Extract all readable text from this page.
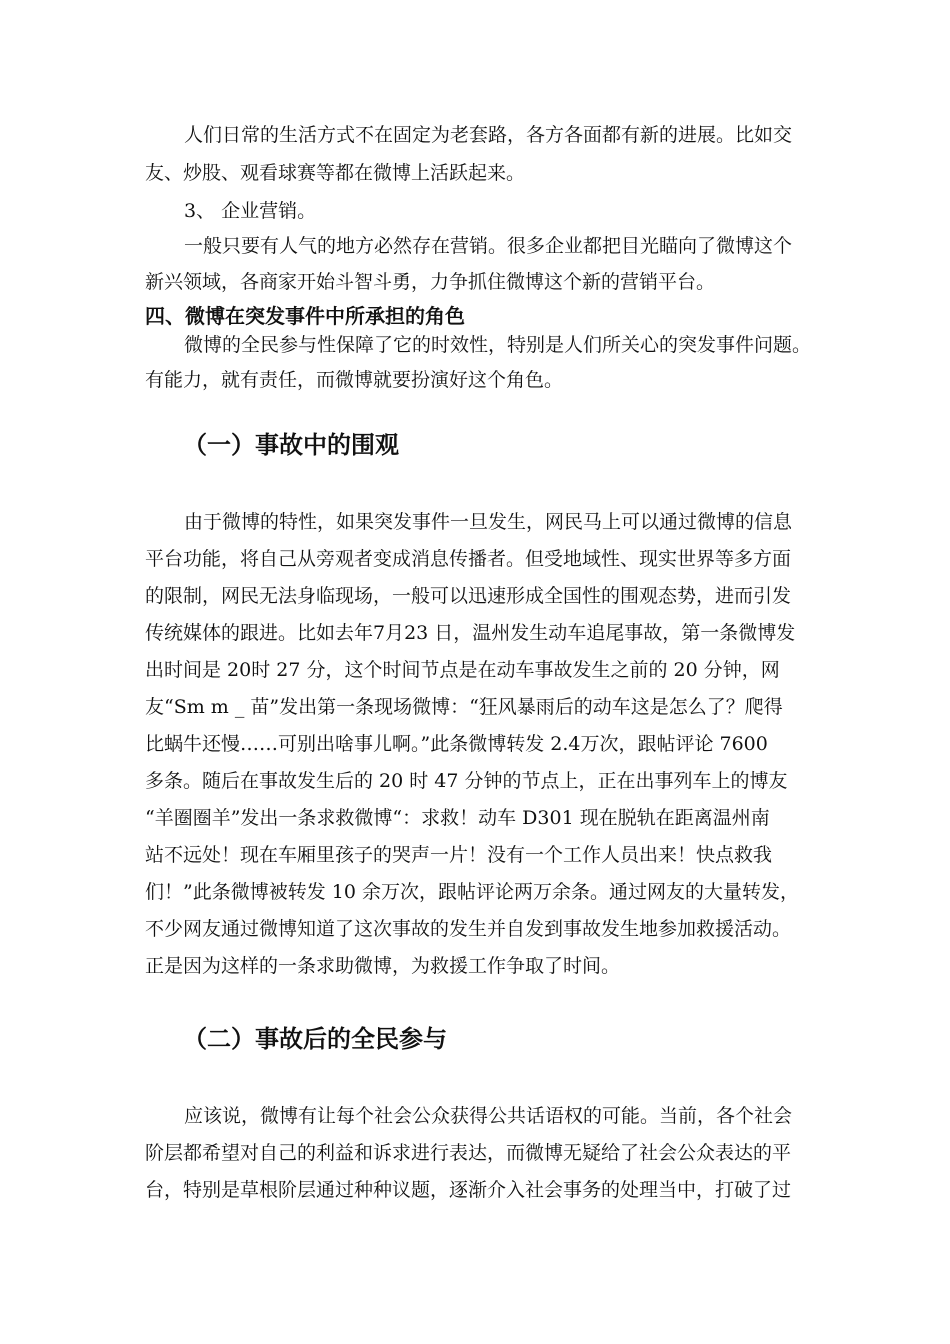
人们日常的生活方式不在固定为老套路，各方各面都有新的进展。比如交

友、炒股、观看球赛等都在微博上活跃起来。

3、 企业营销。

一般只要有人气的地方必然存在营销。很多企业都把目光瞄向了微博这个

新兴领域，各商家开始斗智斗勇，力争抓住微博这个新的营销平台。

四、微博在突发事件中所承担的角色

微博的全民参与性保障了它的时效性，特别是人们所关心的突发事件问题。

有能力，就有责任，而微博就要扮演好这个角色。

（一）事故中的围观

由于微博的特性，如果突发事件一旦发生，网民马上可以通过微博的信息

平台功能，将自己从旁观者变成消息传播者。但受地域性、现实世界等多方面

的限制，网民无法身临现场，一般可以迅速形成全国性的围观态势，进而引发

传统媒体的跟进。比如去年7月23 日，温州发生动车追尾事故，第一条微博发

出时间是 20时 27 分，这个时间节点是在动车事故发生之前的 20 分钟，网

友“Sm m _ 苗”发出第一条现场微博：“狂风暴雨后的动车这是怎么了？爬得

比蜗牛还慢……可别出啥事儿啊。”此条微博转发 2.4万次，跟帖评论 7600

多条。随后在事故发生后的 20 时 47 分钟的节点上，正在出事列车上的博友

“羊圈圈羊”发出一条求救微博“：求救！动车 D301 现在脱轨在距离温州南

站不远处！现在车厢里孩子的哭声一片！没有一个工作人员出来！快点救我

们！”此条微博被转发 10 余万次，跟帖评论两万余条。通过网友的大量转发，

不少网友通过微博知道了这次事故的发生并自发到事故发生地参加救援活动。

正是因为这样的一条求助微博，为救援工作争取了时间。

（二）事故后的全民参与

应该说，微博有让每个社会公众获得公共话语权的可能。当前，各个社会

阶层都希望对自己的利益和诉求进行表达，而微博无疑给了社会公众表达的平

台，特别是草根阶层通过种种议题，逐渐介入社会事务的处理当中，打破了过
